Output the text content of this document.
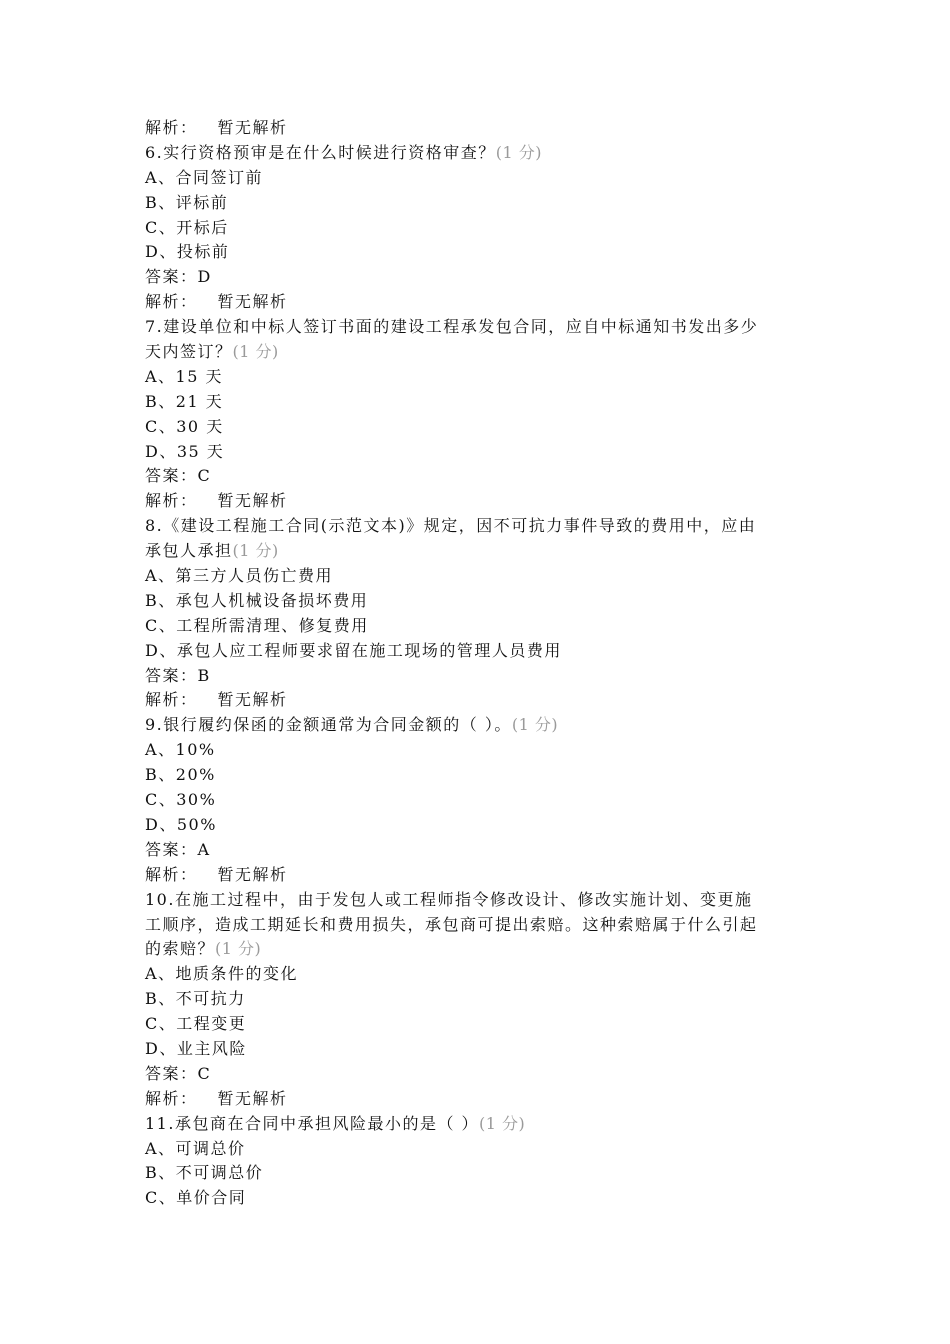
解析： 暂无解析
6.实行资格预审是在什么时候进行资格审查？(1 分)
A、合同签订前
B、评标前
C、开标后
D、投标前
答案：D
解析： 暂无解析
7.建设单位和中标人签订书面的建设工程承发包合同，应自中标通知书发出多少
天内签订？(1 分)
A、15 天
B、21 天
C、30 天
D、35 天
答案：C
解析： 暂无解析
8.《建设工程施工合同(示范文本)》规定，因不可抗力事件导致的费用中，应由
承包人承担(1 分)
A、第三方人员伤亡费用
B、承包人机械设备损坏费用
C、工程所需清理、修复费用
D、承包人应工程师要求留在施工现场的管理人员费用
答案：B
解析： 暂无解析
9.银行履约保函的金额通常为合同金额的（ ）。(1 分)
A、10%
B、20%
C、30%
D、50%
答案：A
解析： 暂无解析
10.在施工过程中，由于发包人或工程师指令修改设计、修改实施计划、变更施
工顺序，造成工期延长和费用损失，承包商可提出索赔。这种索赔属于什么引起
的索赔？(1 分)
A、地质条件的变化
B、不可抗力
C、工程变更
D、业主风险
答案：C
解析： 暂无解析
11.承包商在合同中承担风险最小的是（ ）(1 分)
A、可调总价
B、不可调总价
C、单价合同
